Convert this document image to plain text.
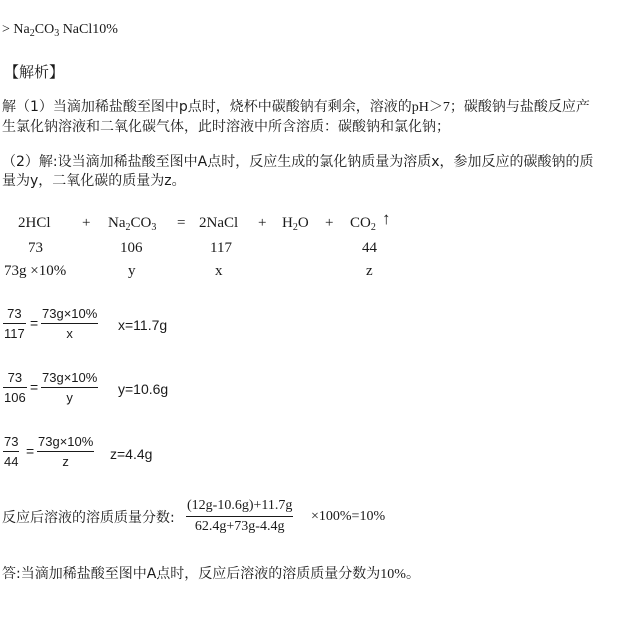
> $Na_2CO_3$ NaCl10%
【解析】
解（1）当滴加稀盐酸至图中p点时，烧杯中碳酸钠有剩余，溶液的pH＞7；碳酸钠与盐酸反应产
生氯化钠溶液和二氧化碳气体，此时溶液中所含溶质：碳酸钠和氯化钠；
（2）解:设当滴加稀盐酸至图中A点时，反应生成的氯化钠质量为溶质x，参加反应的碳酸钠的质
量为y，二氧化碳的质量为z。
$2HCl + Na_2CO_3$ = 2NaCl + $H_2O + CO_2$ ↑
73	106	117	44
73g ×10%	y	x	z
$\frac{73}{117} = \frac{73g\times 10\%}{x} x=11.7g$
$\frac{73}{106} = \frac{73g\times 10\%}{y} y=10.6g$
$\frac{73}{44} = \frac{73g\times 10\%}{z} z=4.4g$
反应后溶液的溶质质量分数: $\frac{(12g-10.6g)+11.7g}{62.4g+73g-4.4g} \times 100\%=10\%$
答:当滴加稀盐酸至图中A点时，反应后溶液的溶质质量分数为10%。
